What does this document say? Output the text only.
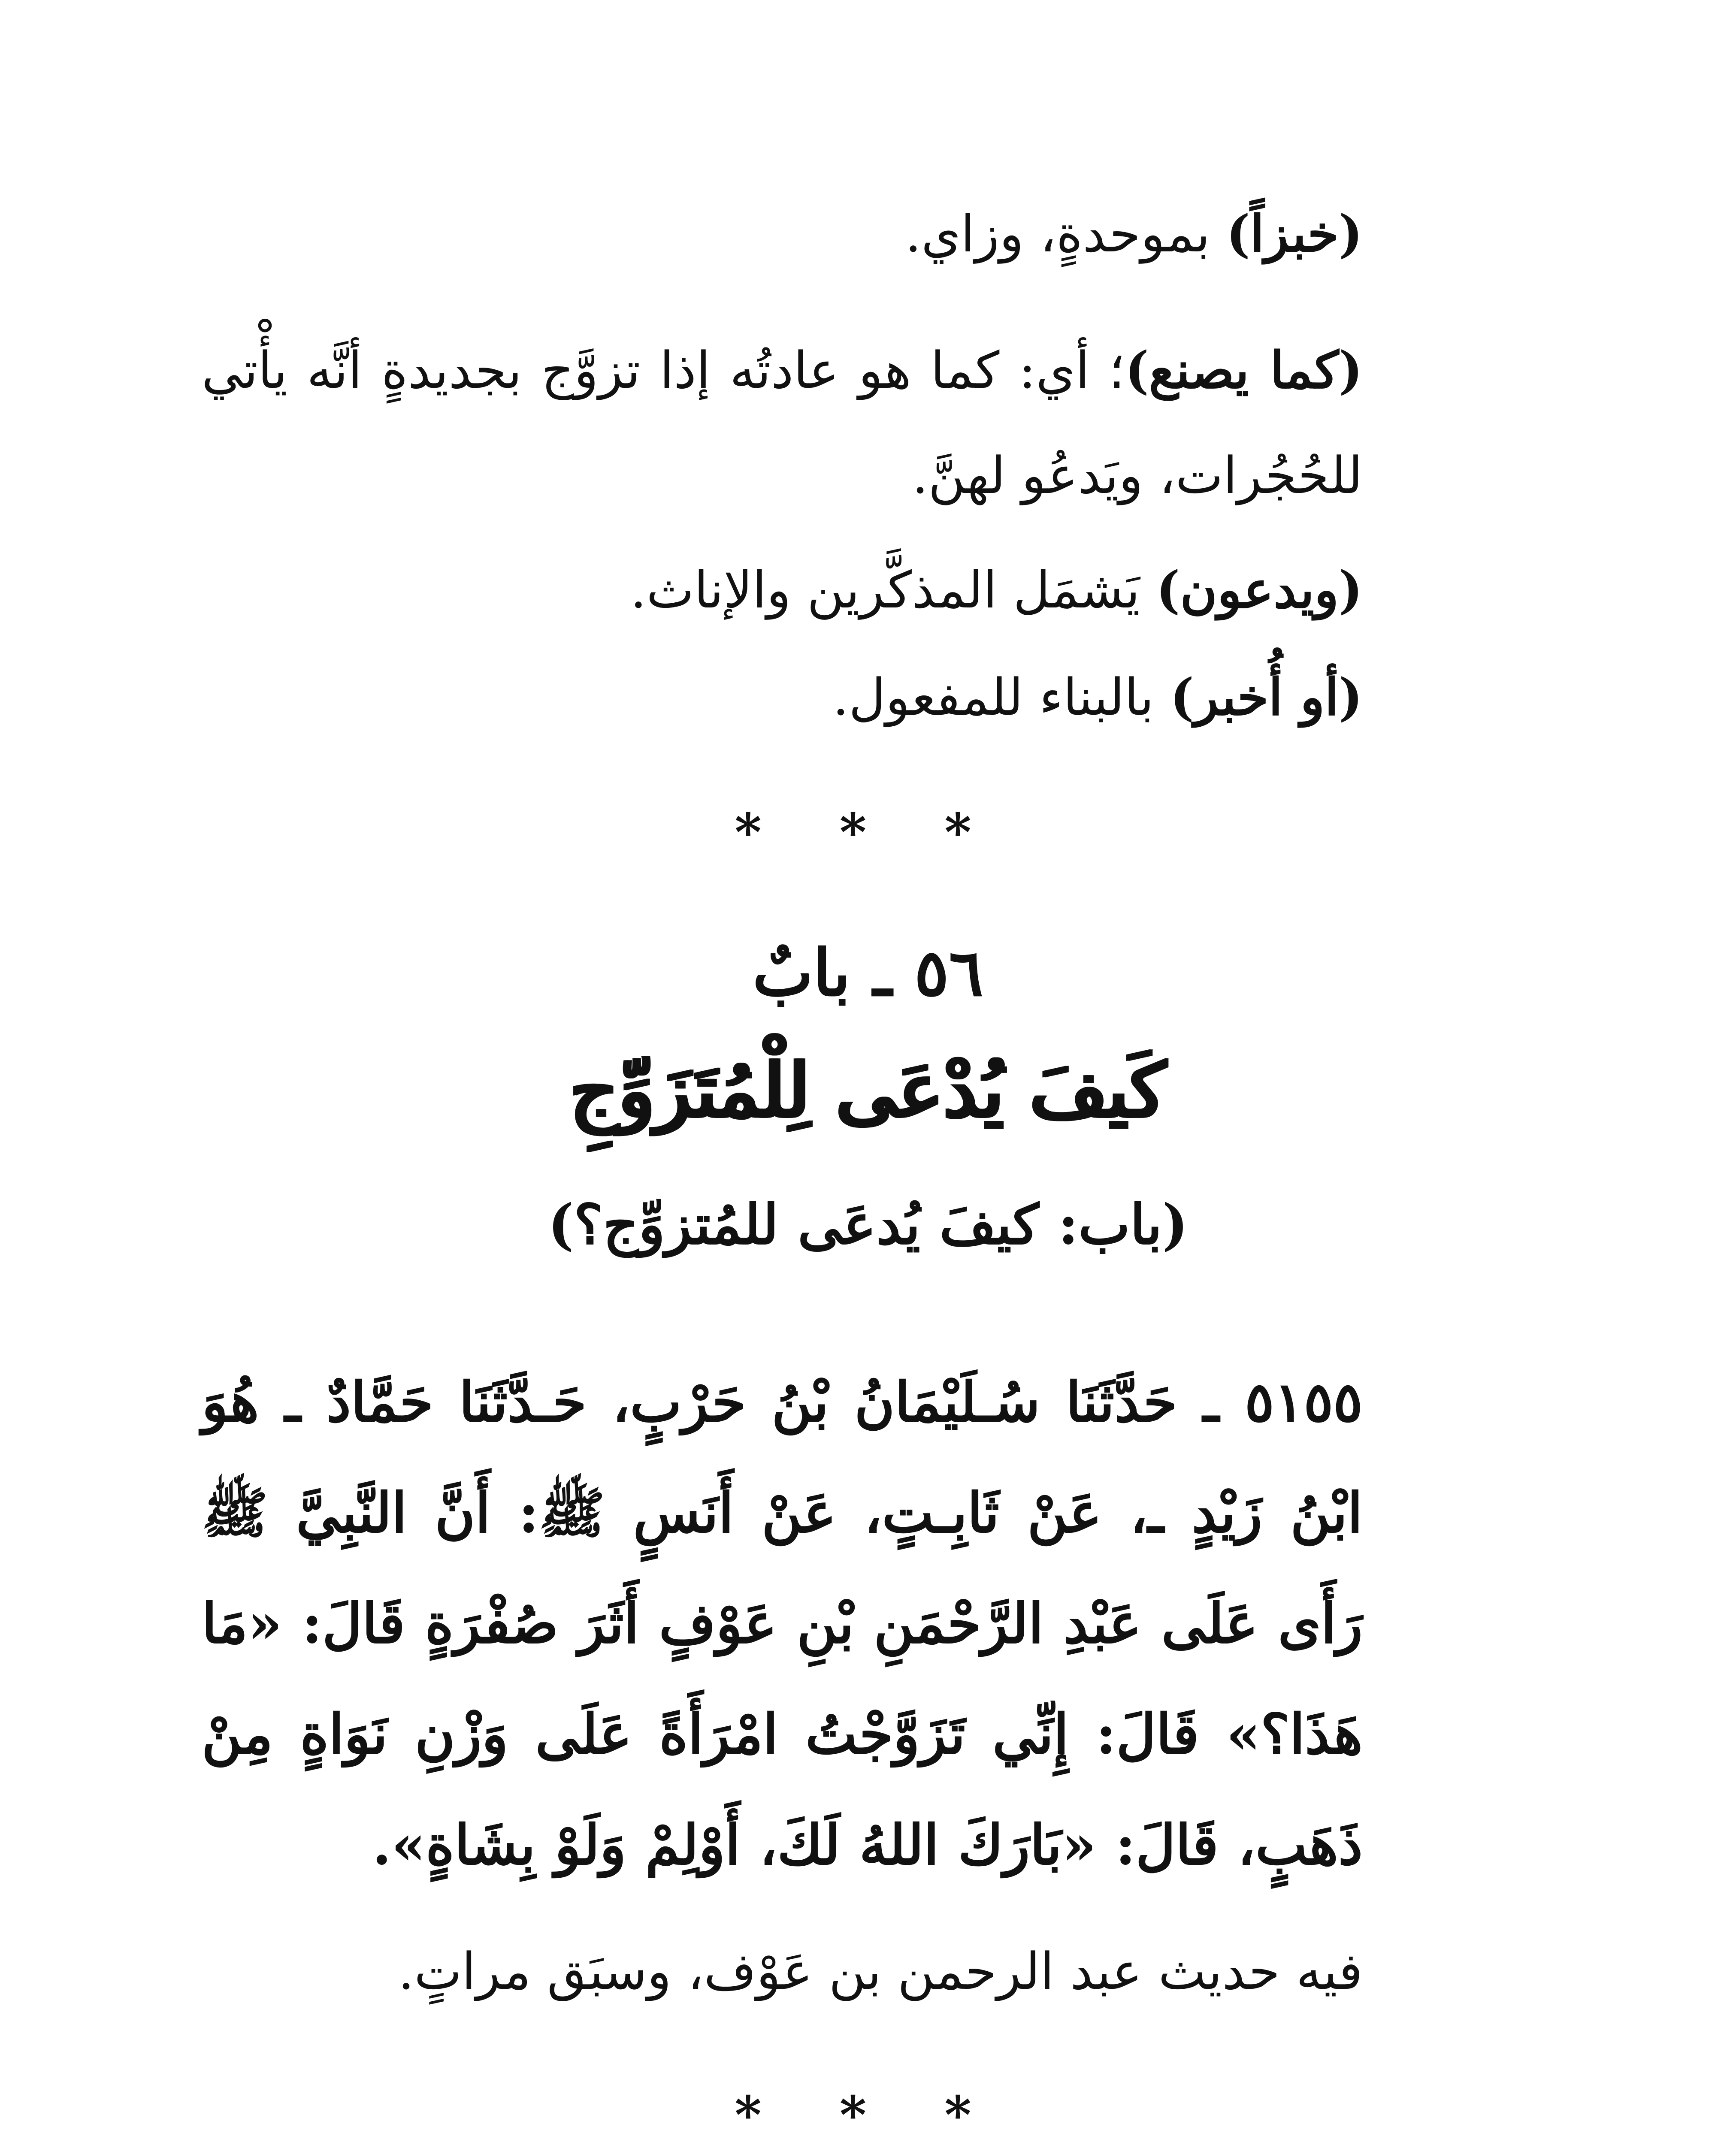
(خبزاً) بموحدةٍ، وزاي.
(كما يصنع)؛ أي: كما هو عادتُه إذا تزوَّج بجديدةٍ أنَّه يأْتي للحُجُرات، ويَدعُو لهنَّ.
(ويدعون) يَشمَل المذكَّرين والإناث.
(أو أُخبر) بالبناء للمفعول.
* * *
٥٦ ـ بابٌ
كَيفَ يُدْعَى لِلْمُتَزَوِّجِ
(باب: كيفَ يُدعَى للمُتزوِّج؟)
٥١٥٥ ـ حَدَّثَنَا سُـلَيْمَانُ بْنُ حَرْبٍ، حَـدَّثَنَا حَمَّادٌ ـ هُوَ ابْنُ زَيْدٍ ـ، عَنْ ثَابِـتٍ، عَنْ أَنَسٍ ﷺ: أَنَّ النَّبِيَّ ﷺ رَأَى عَلَى عَبْدِ الرَّحْمَنِ بْنِ عَوْفٍ أَثَرَ صُفْرَةٍ قَالَ: «مَا هَذَا؟» قَالَ: إِنِّي تَزَوَّجْتُ امْرَأَةً عَلَى وَزْنِ نَوَاةٍ مِنْ ذَهَبٍ، قَالَ: «بَارَكَ اللهُ لَكَ، أَوْلِمْ وَلَوْ بِشَاةٍ».
فيه حديث عبد الرحمن بن عَوْف، وسبَق مراتٍ.
* * *
